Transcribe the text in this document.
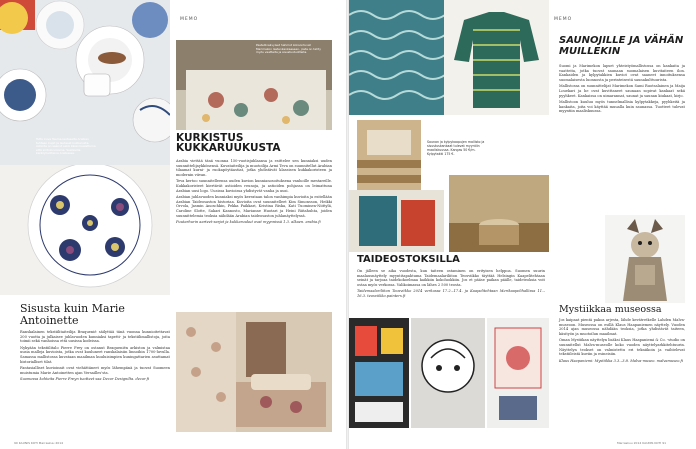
Tuttu kuva Teema-lautaselta Arabian tehtaan kupit ja lautaset kukkarusta. Astioita on saanut sekä käsinmaalattuina että siirtokuvioisina. Saatavilla keräilytuotteina Arabiassa.
MEMO
Pastellinsävyiset hahmot kokoontuvat Marimekon lastenkankaaseen, josta on tehty myös vaatteita ja sisustustuotteita.
KURKISTUS KUKKARUUKUSTA

Arabia viettää tänä vuonna 150-vuotisjuhlaansa ja esittelee sen kunniaksi uuden suunnittelijaykkönensä. Kuvataiteilija ja muotoilija Armi Teva on suunnitellut Arabian tilaamat kurni- ja ruokapöytäastiat, jotka yhdistävät klassisen kukkakoristeen ja modernin viivan.

Teva kertoo suunnitelleensa uuden kuvion kunnianosoituksena vanhoille mestareille. Kukkakoristeet kiertävät astioiden reunoja, ja astioiden pohjassa on leimattuna Arabian uusi logo. Uusissa kuvioissa yhdistyvät vanha ja uusi.

Arabian juhlavuoden kunniaksi myös kerrataan talon vanhimpia kuvioita ja esitellään Arabian Taideosaston historiaa. Kuvioita ovat suunnitelleet Kim Simonsson, Heikki Orvola, Jasmin Anoschkin, Pekka Paikkari, Kristina Riska, Kati Tuominen-Niittylä, Caroline Slotte, Sakari Kannosto, Marianne Huotari ja Heini Riitahuhta, joiden suunnittelemia teoksia nähdään Arabian taideosaston juhlanäyttelyssä.

Puutarhurin aarteet-sarjat ja kukkaruukut ovat myynnissä 1.3. alkaen. arabia.fi

Sisusta kuin Marie Antoinette

Ranskalainen tekstiilitaiteilija Braquenié säilyttää tänä vuonna kunnioitettavat 200 vuotta ja julkaisee juhlavuoden kunniaksi tapetti- ja tekstiilimallistoja, joita toimii sekä vanhoissa että uusissa kodeissa.

Nykyään tekstiilitalo Pierre Frey on ostanut Braquenién arkiston ja valmistaa uusia malleja kuvioista, jotka ovat kuuluneet ranskalaisiin linnoihin 1700-luvulla. Samassa mallistossa kuvataan maailman kuuluisimpien kuningattarien asuttamat historialliset tilat.

Fantasialliset kuvioinnit ovat viehättäneet myös lähempänä ja tuovat Suomeen muistumia Marie Antoinetten ajan Versailles'sta.

Suomessa kohteita Pierre Freyn tuotteet saa Decor Designilta. decor.fi

90 KAUNIS KOTI Marraskuu 2014
MEMO
SAUNOJILLE JA VÄHÄN MUILLEKIN

Suomi ja Marimekon lapset yhteistyömallistossa on kankaita ja vaatteita, jotka tuovat saunaan suomalaisen kuvitaiteen ilon. Kankaiden ja kylpytakkien kuviot ovat saaneet innoituksensa suomalaisesta luonnosta ja perinteisestä saunakulttuurista.

Mallistossa on suunnittelijat Marimekon Sami Ruotsalainen ja Maija Louekari ja he ovat kuvittaneet saunaan sopivat kankaat sekä pyyhkeet. Kankaissa on uimarannat, saunat ja saunan kiukaat, kirjo.

Mallistoon kuuluu myös tunnelmallisia kylpytakkeja, pyyhkeitä ja kankaita, joita voi käyttää muualla kuin saunassa. Tuotteet tulevat myyntiin maaliskuussa.

Saunan ja kylpykaapujen mallisto ja sisustuskankaat tulevat myyntiin maaliskuussa. Kangas 50 €/m. Kylpytakki 175 €.
TAIDEOSTOKSILLA

On jälleen se aika vuodesta, kun taiteen ostaminen on erityisen helppoa. Suomen suurin maalausnäyttely myyntitapahtuma Taidemaalariliiton Teosviikko täyttää Helsingin Kaapelitehtaan seinät ja tarjoaa taidekokoelmaa kaikkiin kokoluokkiin. Jos et pääse paikan päälle, taideteoksia voit ostaa myös verkossa. Valikoimassa on lähes 2 500 teosta.

Taidemaalariliiton Teosviikko 2014 verkossa 17.2.–17.4. ja Kaapelitehtaan Merikaapelihallissa 11.–16.3. teosviikko.painters.fi

Mystiikkaa museossa

Jos kaipaat pientä pakoa arjesta, lähde kevätretkelle Lahden Malva-museoon. Museossa on esillä Klaus Haapaniemen näyttely. Vuoden 2014 ajan museossa nähdään teoksia, jotka yhdistävät taiteen, käsityön ja muotoilun maailmat.

Oman Mystiikan näyttelyn lisäksi Klaus Haapaniemi & Co. -studio on suunnitellut Malva-museolle koko vuoden näyttelyarkkitehtuurin. Näyttelyn teokset on valmistettu eri tekniikoin ja vaihtelevat tekstiileistä kuviin ja esineisiin.

Klaus Haapaniemi: Mystiikka 3.3.–3.8. Malva-museo. malvamuseo.fi

Marraskuu 2014 KAUNIS KOTI 91
